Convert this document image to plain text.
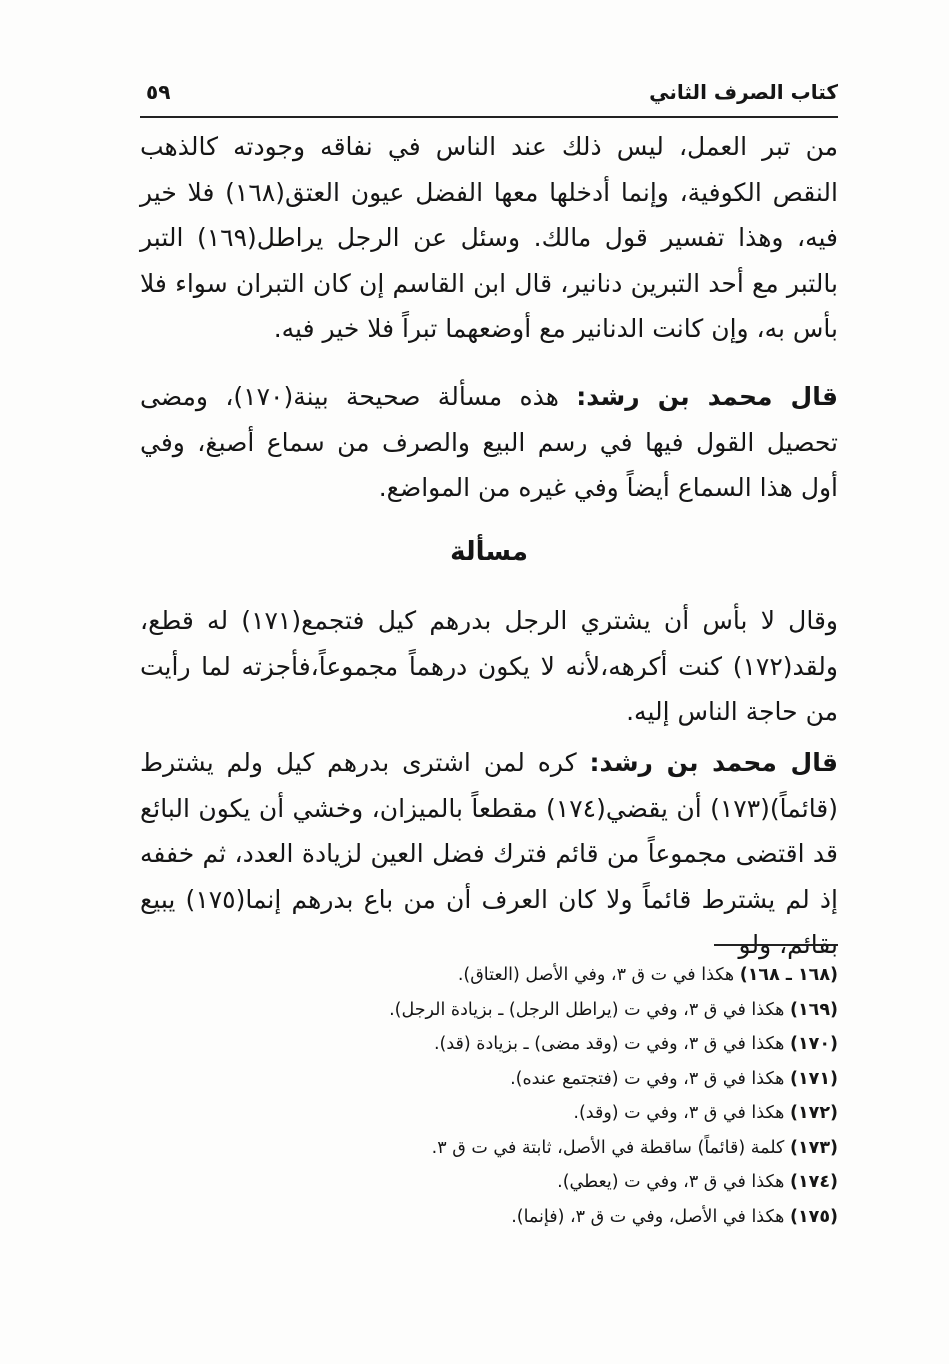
كتاب الصرف الثاني
٥٩

من تبر العمل، ليس ذلك عند الناس في نفاقه وجودته كالذهب النقص الكوفية، وإنما أدخلها معها الفضل عيون العتق(١٦٨) فلا خير فيه، وهذا تفسير قول مالك. وسئل عن الرجل يراطل(١٦٩) التبر بالتبر مع أحد التبرين دنانير، قال ابن القاسم إن كان التبران سواء فلا بأس به، وإن كانت الدنانير مع أوضعهما تبراً فلا خير فيه.

قال محمد بن رشد: هذه مسألة صحيحة بينة(١٧٠)، ومضى تحصيل القول فيها في رسم البيع والصرف من سماع أصبغ، وفي أول هذا السماع أيضاً وفي غيره من المواضع.

مسألة

وقال لا بأس أن يشتري الرجل بدرهم كيل فتجمع(١٧١) له قطع، ولقد(١٧٢) كنت أكرهه،لأنه لا يكون درهماً مجموعاً،فأجزته لما رأيت من حاجة الناس إليه.

قال محمد بن رشد: كره لمن اشترى بدرهم كيل ولم يشترط (قائماً)(١٧٣) أن يقضي(١٧٤) مقطعاً بالميزان، وخشي أن يكون البائع قد اقتضى مجموعاً من قائم فترك فضل العين لزيادة العدد، ثم خففه إذ لم يشترط قائماً ولا كان العرف أن من باع بدرهم إنما(١٧٥) يبيع بقائم، ولو

(١٦٨ ـ ١٦٨) هكذا في ت ق ٣، وفي الأصل (العتاق).
(١٦٩) هكذا في ق ٣، وفي ت (يراطل الرجل) ـ بزيادة الرجل).
(١٧٠) هكذا في ق ٣، وفي ت (وقد مضى) ـ بزيادة (قد).
(١٧١) هكذا في ق ٣، وفي ت (فتجتمع عنده).
(١٧٢) هكذا في ق ٣، وفي ت (وقد).
(١٧٣) كلمة (قائماً) ساقطة في الأصل، ثابتة في ت ق ٣.
(١٧٤) هكذا في ق ٣، وفي ت (يعطي).
(١٧٥) هكذا في الأصل، وفي ت ق ٣، (فإنما).
